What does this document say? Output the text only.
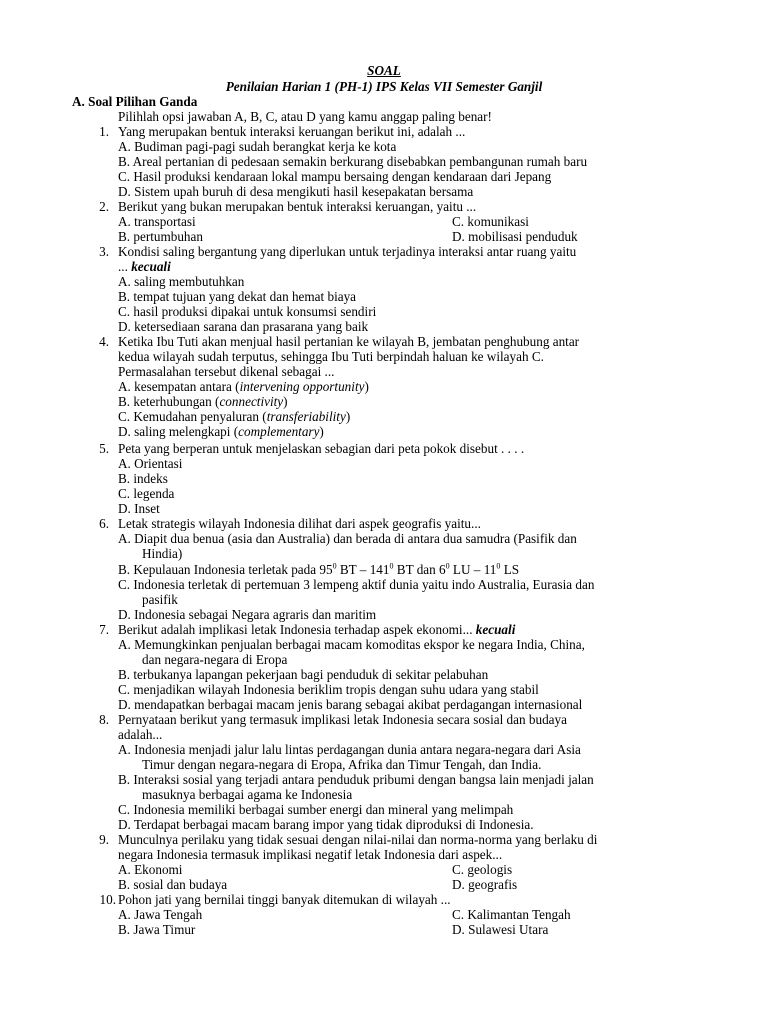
SOAL
Penilaian Harian 1 (PH-1) IPS Kelas VII Semester Ganjil
A. Soal Pilihan Ganda
Pilihlah opsi jawaban A, B, C, atau D yang kamu anggap paling benar!
1. Yang merupakan bentuk interaksi keruangan berikut ini, adalah ...
A. Budiman pagi-pagi sudah berangkat kerja ke kota
B. Areal pertanian di pedesaan semakin berkurang disebabkan pembangunan rumah baru
C. Hasil produksi kendaraan lokal mampu bersaing dengan kendaraan dari Jepang
D. Sistem upah buruh di desa mengikuti hasil kesepakatan bersama
2. Berikut yang bukan merupakan bentuk interaksi keruangan, yaitu ...
A. transportasi	C. komunikasi
B. pertumbuhan	D. mobilisasi penduduk
3. Kondisi saling bergantung yang diperlukan untuk terjadinya interaksi antar ruang yaitu
... kecuali
A. saling membutuhkan
B. tempat tujuan yang dekat dan hemat biaya
C. hasil produksi dipakai untuk konsumsi sendiri
D. ketersediaan sarana dan prasarana yang baik
4. Ketika Ibu Tuti akan menjual hasil pertanian ke wilayah B, jembatan penghubung antar
kedua wilayah sudah terputus, sehingga Ibu Tuti berpindah haluan ke wilayah C.
Permasalahan tersebut dikenal sebagai ...
A. kesempatan antara (intervening opportunity)
B. keterhubungan (connectivity)
C. Kemudahan penyaluran (transferiability)
D. saling melengkapi (complementary)
5. Peta yang berperan untuk menjelaskan sebagian dari peta pokok disebut . . . .
A. Orientasi
B. indeks
C. legenda
D. Inset
6. Letak strategis wilayah Indonesia dilihat dari aspek geografis yaitu...
A. Diapit dua benua (asia dan Australia) dan berada di antara dua samudra (Pasifik dan
Hindia)
B. Kepulauan Indonesia terletak pada $95^0$ BT – $141^0$ BT dan $6^0$ LU – $11^0$ LS
C. Indonesia terletak di pertemuan 3 lempeng aktif dunia yaitu indo Australia, Eurasia dan
pasifik
D. Indonesia sebagai Negara agraris dan maritim
7. Berikut adalah implikasi letak Indonesia terhadap aspek ekonomi... kecuali
A. Memungkinkan penjualan berbagai macam komoditas ekspor ke negara India, China,
dan negara-negara di Eropa
B. terbukanya lapangan pekerjaan bagi penduduk di sekitar pelabuhan
C. menjadikan wilayah Indonesia beriklim tropis dengan suhu udara yang stabil
D. mendapatkan berbagai macam jenis barang sebagai akibat perdagangan internasional
8. Pernyataan berikut yang termasuk implikasi letak Indonesia secara sosial dan budaya
adalah...
A. Indonesia menjadi jalur lalu lintas perdagangan dunia antara negara-negara dari Asia
Timur dengan negara-negara di Eropa, Afrika dan Timur Tengah, dan India.
B. Interaksi sosial yang terjadi antara penduduk pribumi dengan bangsa lain menjadi jalan
masuknya berbagai agama ke Indonesia
C. Indonesia memiliki berbagai sumber energi dan mineral yang melimpah
D. Terdapat berbagai macam barang impor yang tidak diproduksi di Indonesia.
9. Munculnya perilaku yang tidak sesuai dengan nilai-nilai dan norma-norma yang berlaku di
negara Indonesia termasuk implikasi negatif letak Indonesia dari aspek...
A. Ekonomi	C. geologis
B. sosial dan budaya	D. geografis
10. Pohon jati yang bernilai tinggi banyak ditemukan di wilayah ...
A. Jawa Tengah	C. Kalimantan Tengah
B. Jawa Timur	D. Sulawesi Utara
